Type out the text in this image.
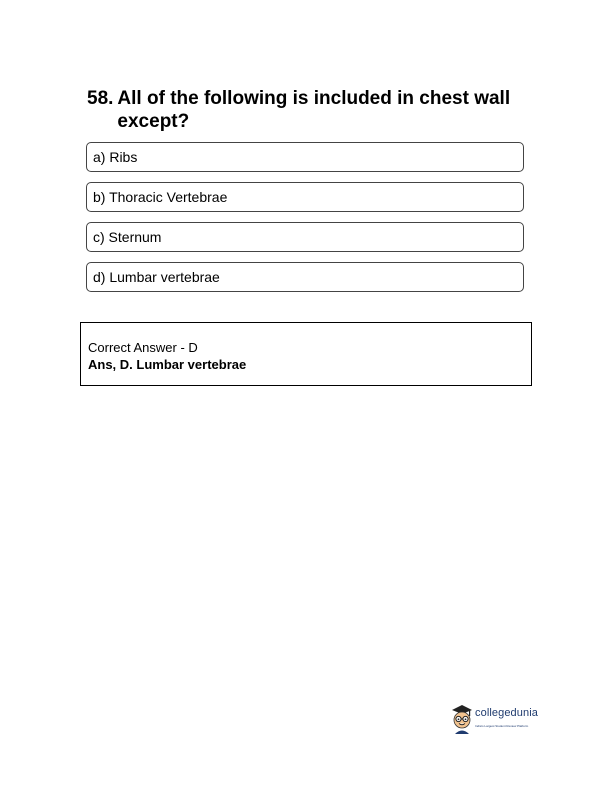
58. All of the following is included in chest wall except?
a) Ribs
b) Thoracic Vertebrae
c) Sternum
d) Lumbar vertebrae
Correct Answer - D
Ans, D. Lumbar vertebrae
collegedunia
India's Largest Student Review Platform
